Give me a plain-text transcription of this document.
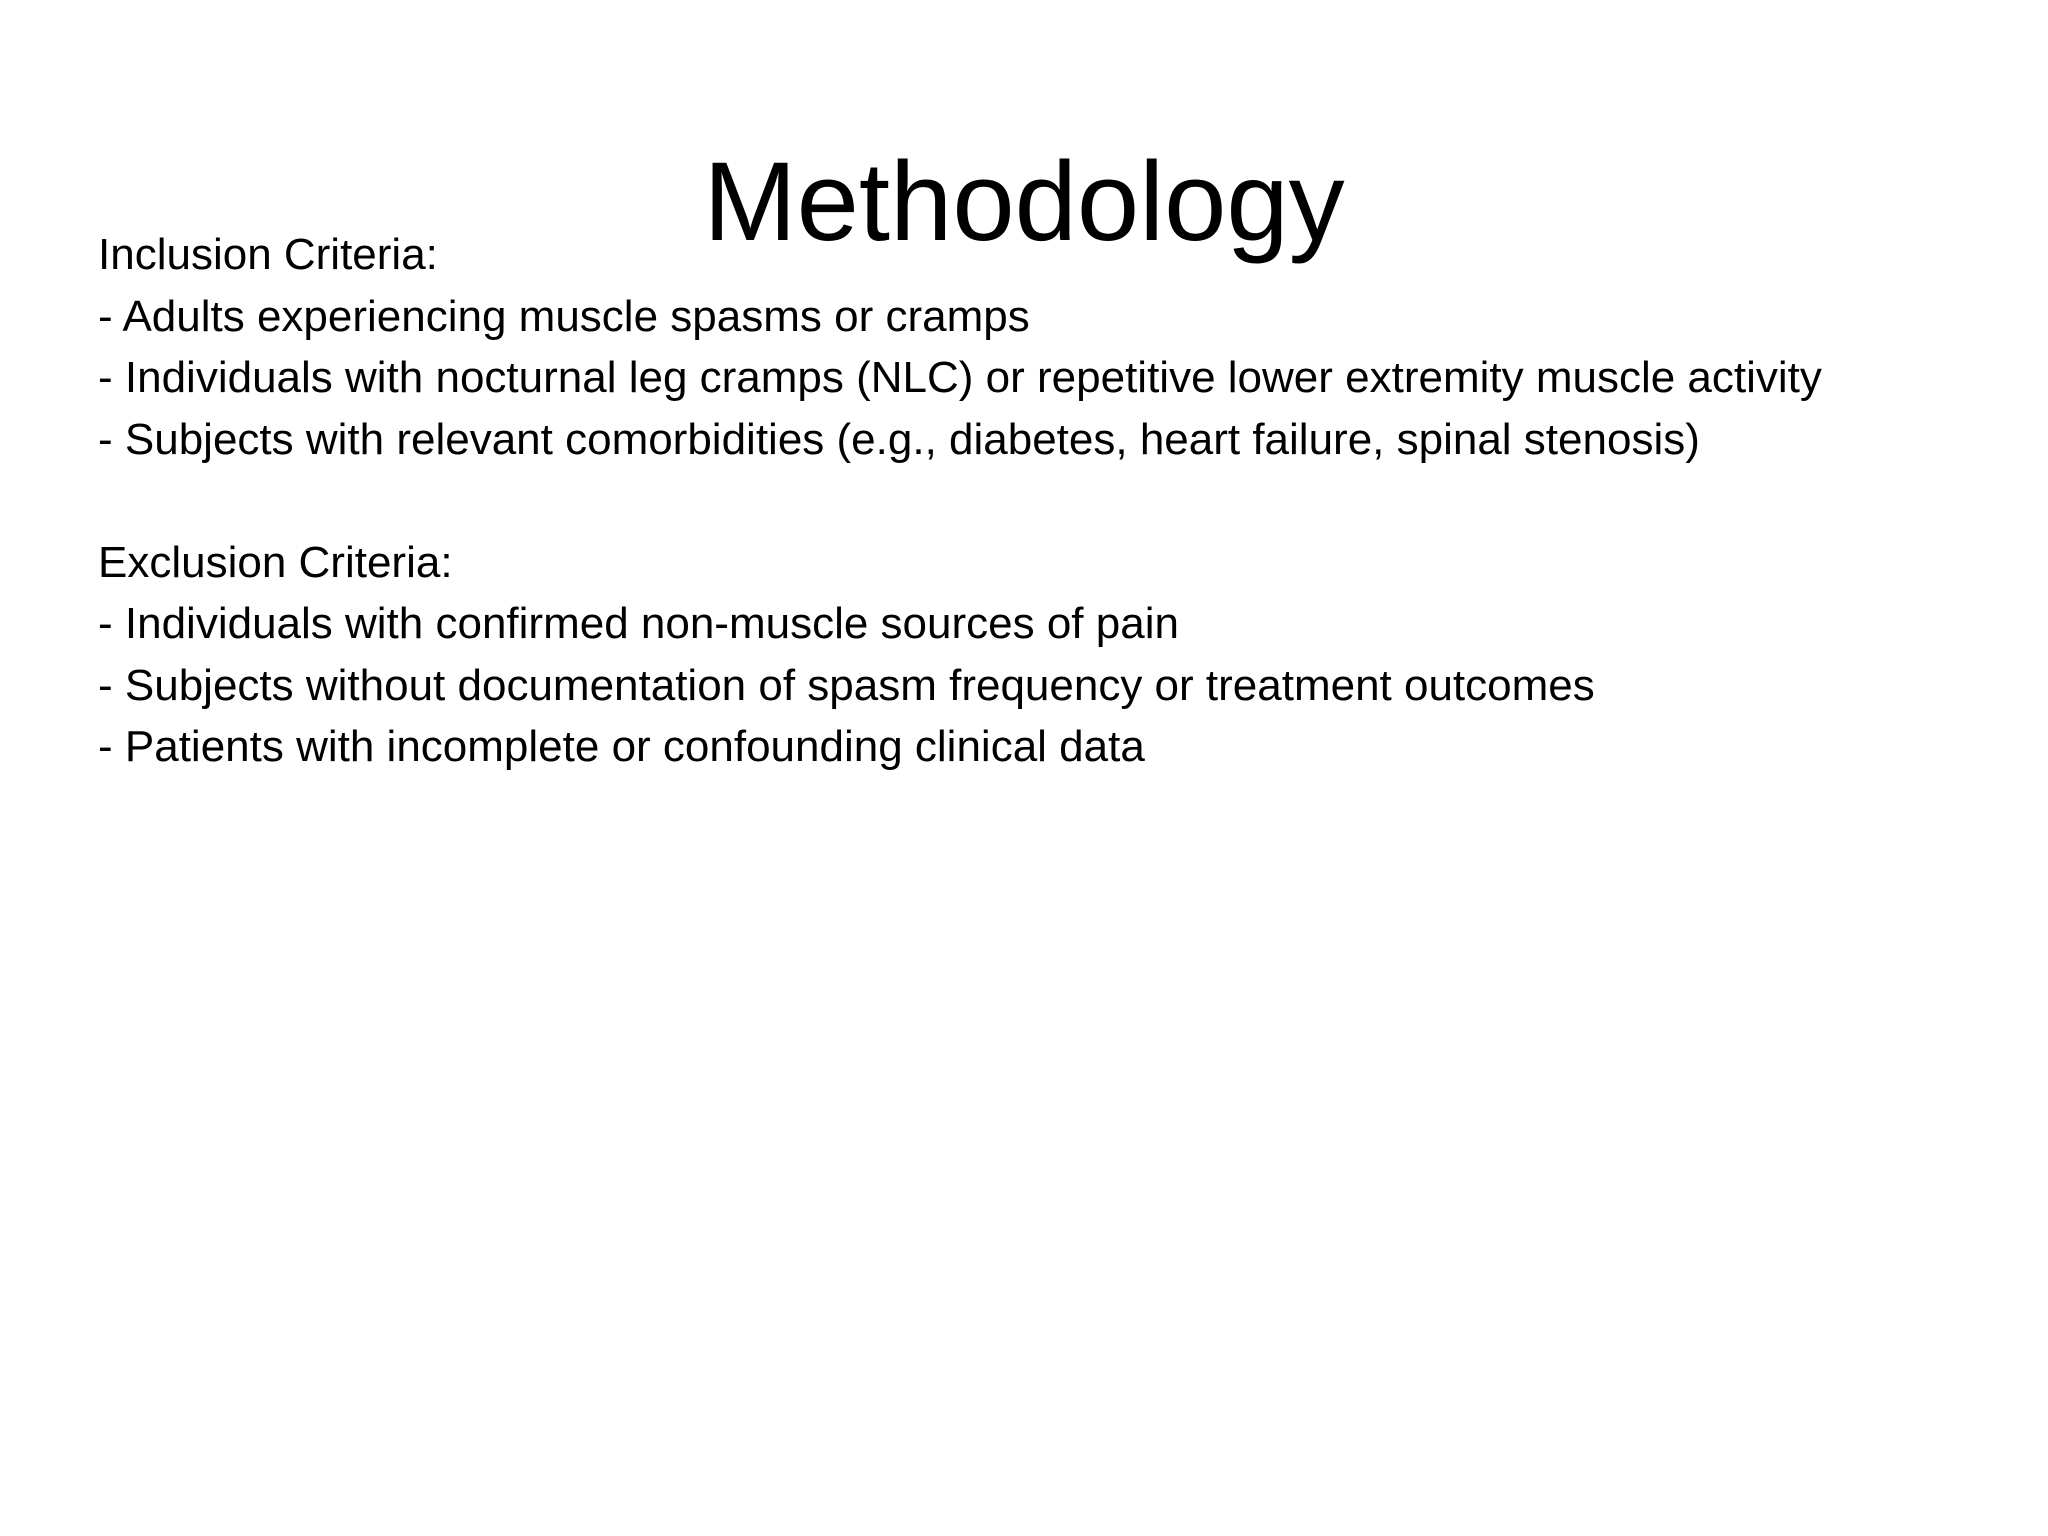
Methodology
Inclusion Criteria:
- Adults experiencing muscle spasms or cramps
- Individuals with nocturnal leg cramps (NLC) or repetitive lower extremity muscle activity
- Subjects with relevant comorbidities (e.g., diabetes, heart failure, spinal stenosis)
Exclusion Criteria:
- Individuals with confirmed non-muscle sources of pain
- Subjects without documentation of spasm frequency or treatment outcomes
- Patients with incomplete or confounding clinical data
